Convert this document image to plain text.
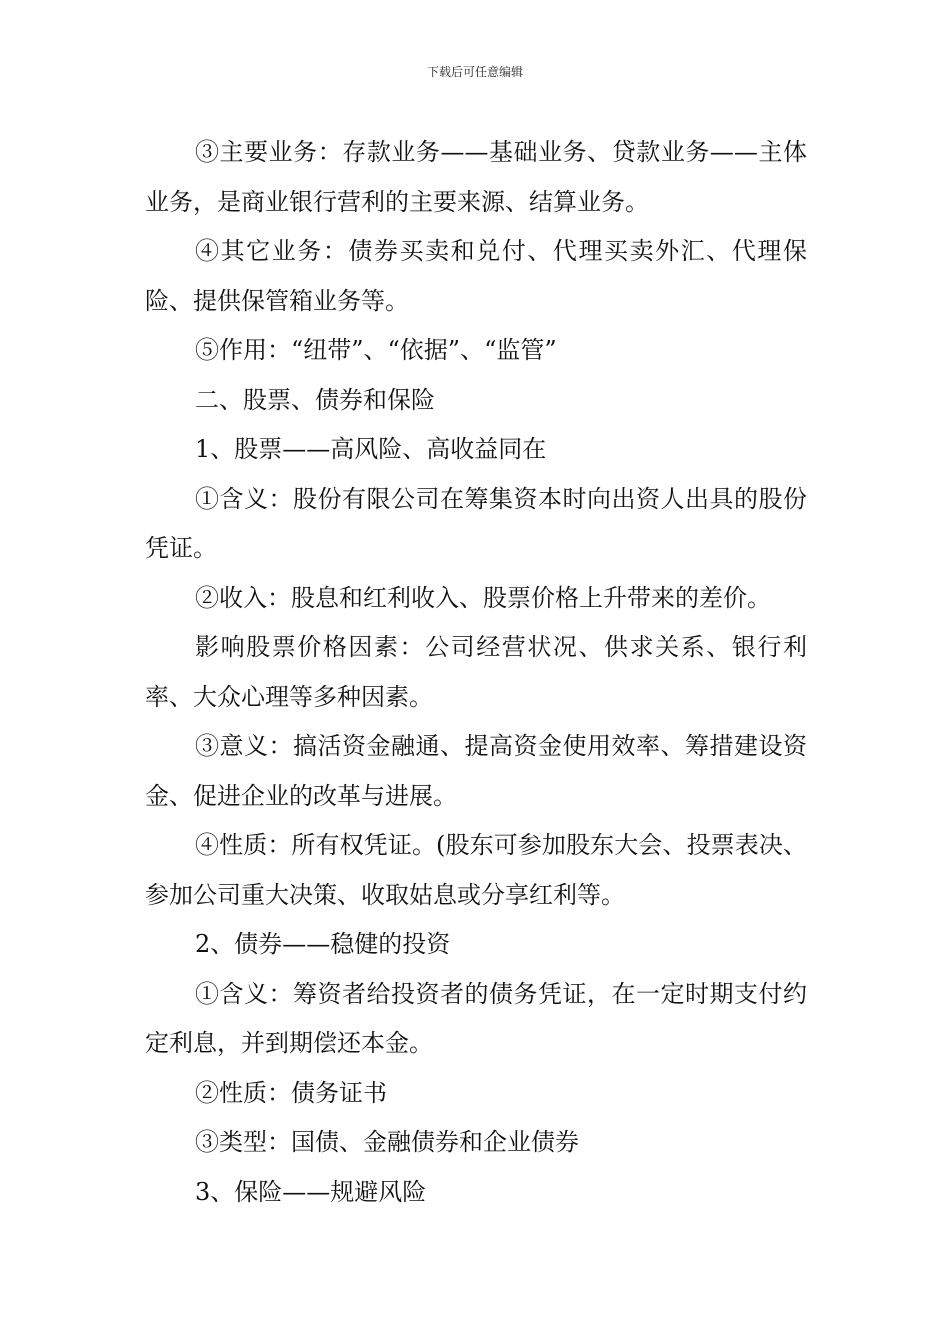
下载后可任意编辑

③主要业务：存款业务——基础业务、贷款业务——主体业务，是商业银行营利的主要来源、结算业务。

④其它业务：债券买卖和兑付、代理买卖外汇、代理保险、提供保管箱业务等。

⑤作用：“纽带”、“依据”、“监管”

二、股票、债券和保险

1、股票——高风险、高收益同在

①含义：股份有限公司在筹集资本时向出资人出具的股份凭证。

②收入：股息和红利收入、股票价格上升带来的差价。

影响股票价格因素：公司经营状况、供求关系、银行利率、大众心理等多种因素。

③意义：搞活资金融通、提高资金使用效率、筹措建设资金、促进企业的改革与进展。

④性质：所有权凭证。(股东可参加股东大会、投票表决、参加公司重大决策、收取姑息或分享红利等。

2、债券——稳健的投资

①含义：筹资者给投资者的债务凭证，在一定时期支付约定利息，并到期偿还本金。

②性质：债务证书

③类型：国债、金融债券和企业债券

3、保险——规避风险
